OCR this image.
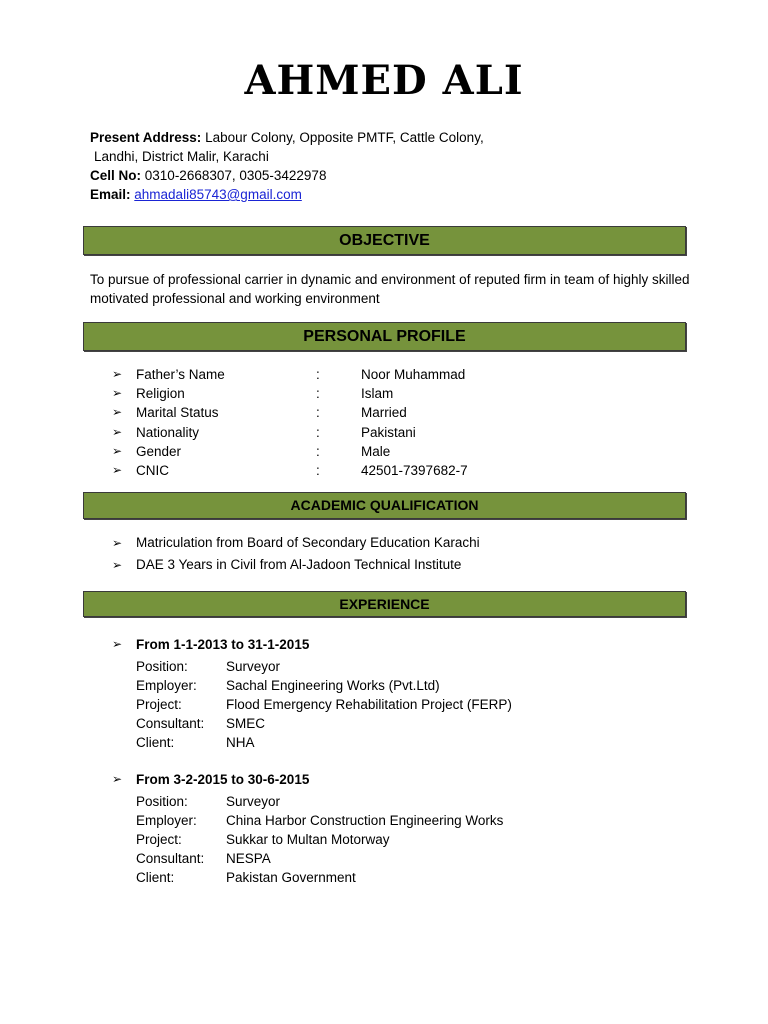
AHMED ALI
Present Address: Labour Colony, Opposite PMTF, Cattle Colony,
Landhi, District Malir, Karachi
Cell No: 0310-2668307, 0305-3422978
Email: ahmadali85743@gmail.com
OBJECTIVE
To pursue of professional carrier in dynamic and environment of reputed firm in team of highly skilled motivated professional and working environment
PERSONAL PROFILE
➢ Father’s Name	:	Noor Muhammad
➢ Religion	:	Islam
➢ Marital Status	:	Married
➢ Nationality	:	Pakistani
➢ Gender	:	Male
➢ CNIC	:	42501-7397682-7
ACADEMIC QUALIFICATION
➢ Matriculation from Board of Secondary Education Karachi
➢ DAE 3 Years in Civil from Al-Jadoon Technical Institute
EXPERIENCE
➢ From 1-1-2013 to 31-1-2015
Position:	Surveyor
Employer: Sachal Engineering Works (Pvt.Ltd)
Project:	Flood Emergency Rehabilitation Project (FERP)
Consultant: SMEC
Client:	NHA
➢ From 3-2-2015 to 30-6-2015
Position:	Surveyor
Employer: China Harbor Construction Engineering Works
Project:	Sukkar to Multan Motorway
Consultant: NESPA
Client:	Pakistan Government
